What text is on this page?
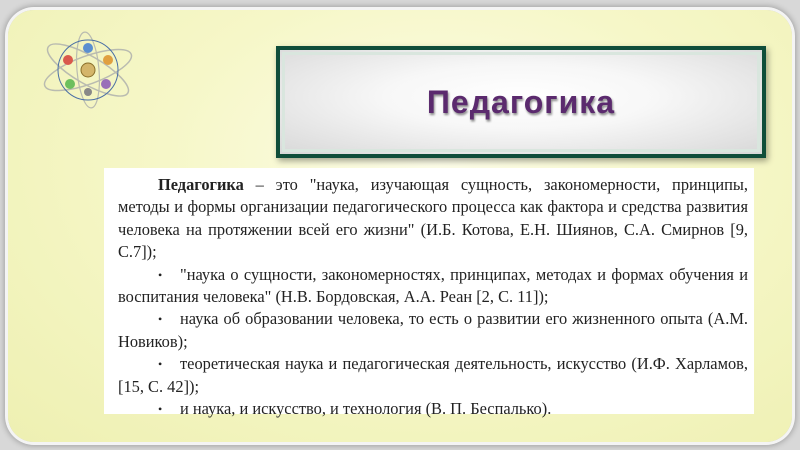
Педагогика

Педагогика – это "наука, изучающая сущность, закономерности, принципы, методы и формы организации педагогического процесса как фактора и средства развития человека на протяжении всей его жизни" (И.Б. Котова, Е.Н. Шиянов, С.А. Смирнов [9, С.7]);

• "наука о сущности, закономерностях, принципах, методах и формах обучения и воспитания человека" (Н.В. Бордовская, А.А. Реан [2, С. 11]);

• наука об образовании человека, то есть о развитии его жизненного опыта (А.М. Новиков);

• теоретическая наука и педагогическая деятельность, искусство (И.Ф. Харламов, [15, С. 42]);

• и наука, и искусство, и технология (В. П. Беспалько).
